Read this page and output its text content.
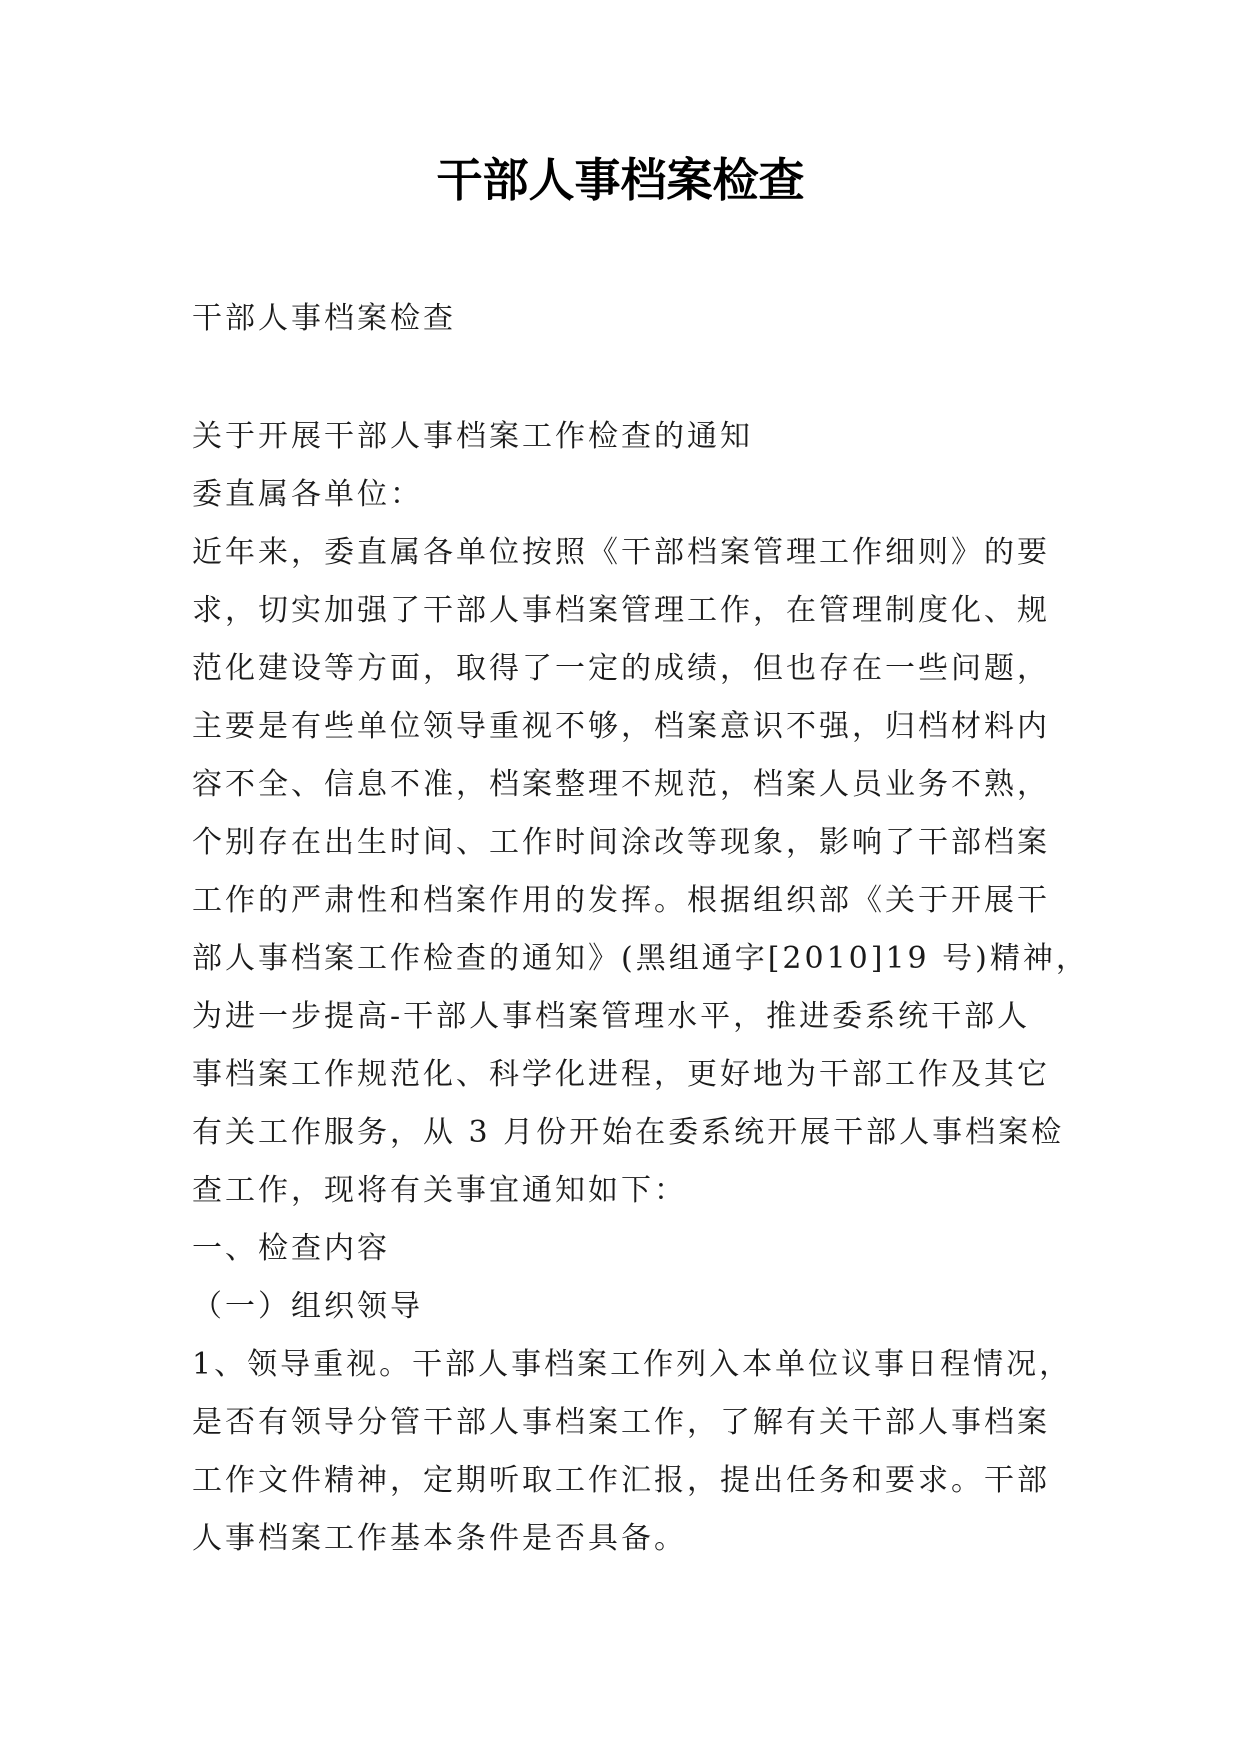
干部人事档案检查
干部人事档案检查
关于开展干部人事档案工作检查的通知
委直属各单位：
近年来，委直属各单位按照《干部档案管理工作细则》的要
求，切实加强了干部人事档案管理工作，在管理制度化、规
范化建设等方面，取得了一定的成绩，但也存在一些问题，
主要是有些单位领导重视不够，档案意识不强，归档材料内
容不全、信息不准，档案整理不规范，档案人员业务不熟，
个别存在出生时间、工作时间涂改等现象，影响了干部档案
工作的严肃性和档案作用的发挥。根据组织部《关于开展干
部人事档案工作检查的通知》(黑组通字[2010]19 号)精神，
为进一步提高-干部人事档案管理水平，推进委系统干部人
事档案工作规范化、科学化进程，更好地为干部工作及其它
有关工作服务，从 3 月份开始在委系统开展干部人事档案检
查工作，现将有关事宜通知如下：
一、检查内容
（一）组织领导
1、领导重视。干部人事档案工作列入本单位议事日程情况，
是否有领导分管干部人事档案工作，了解有关干部人事档案
工作文件精神，定期听取工作汇报，提出任务和要求。干部
人事档案工作基本条件是否具备。
